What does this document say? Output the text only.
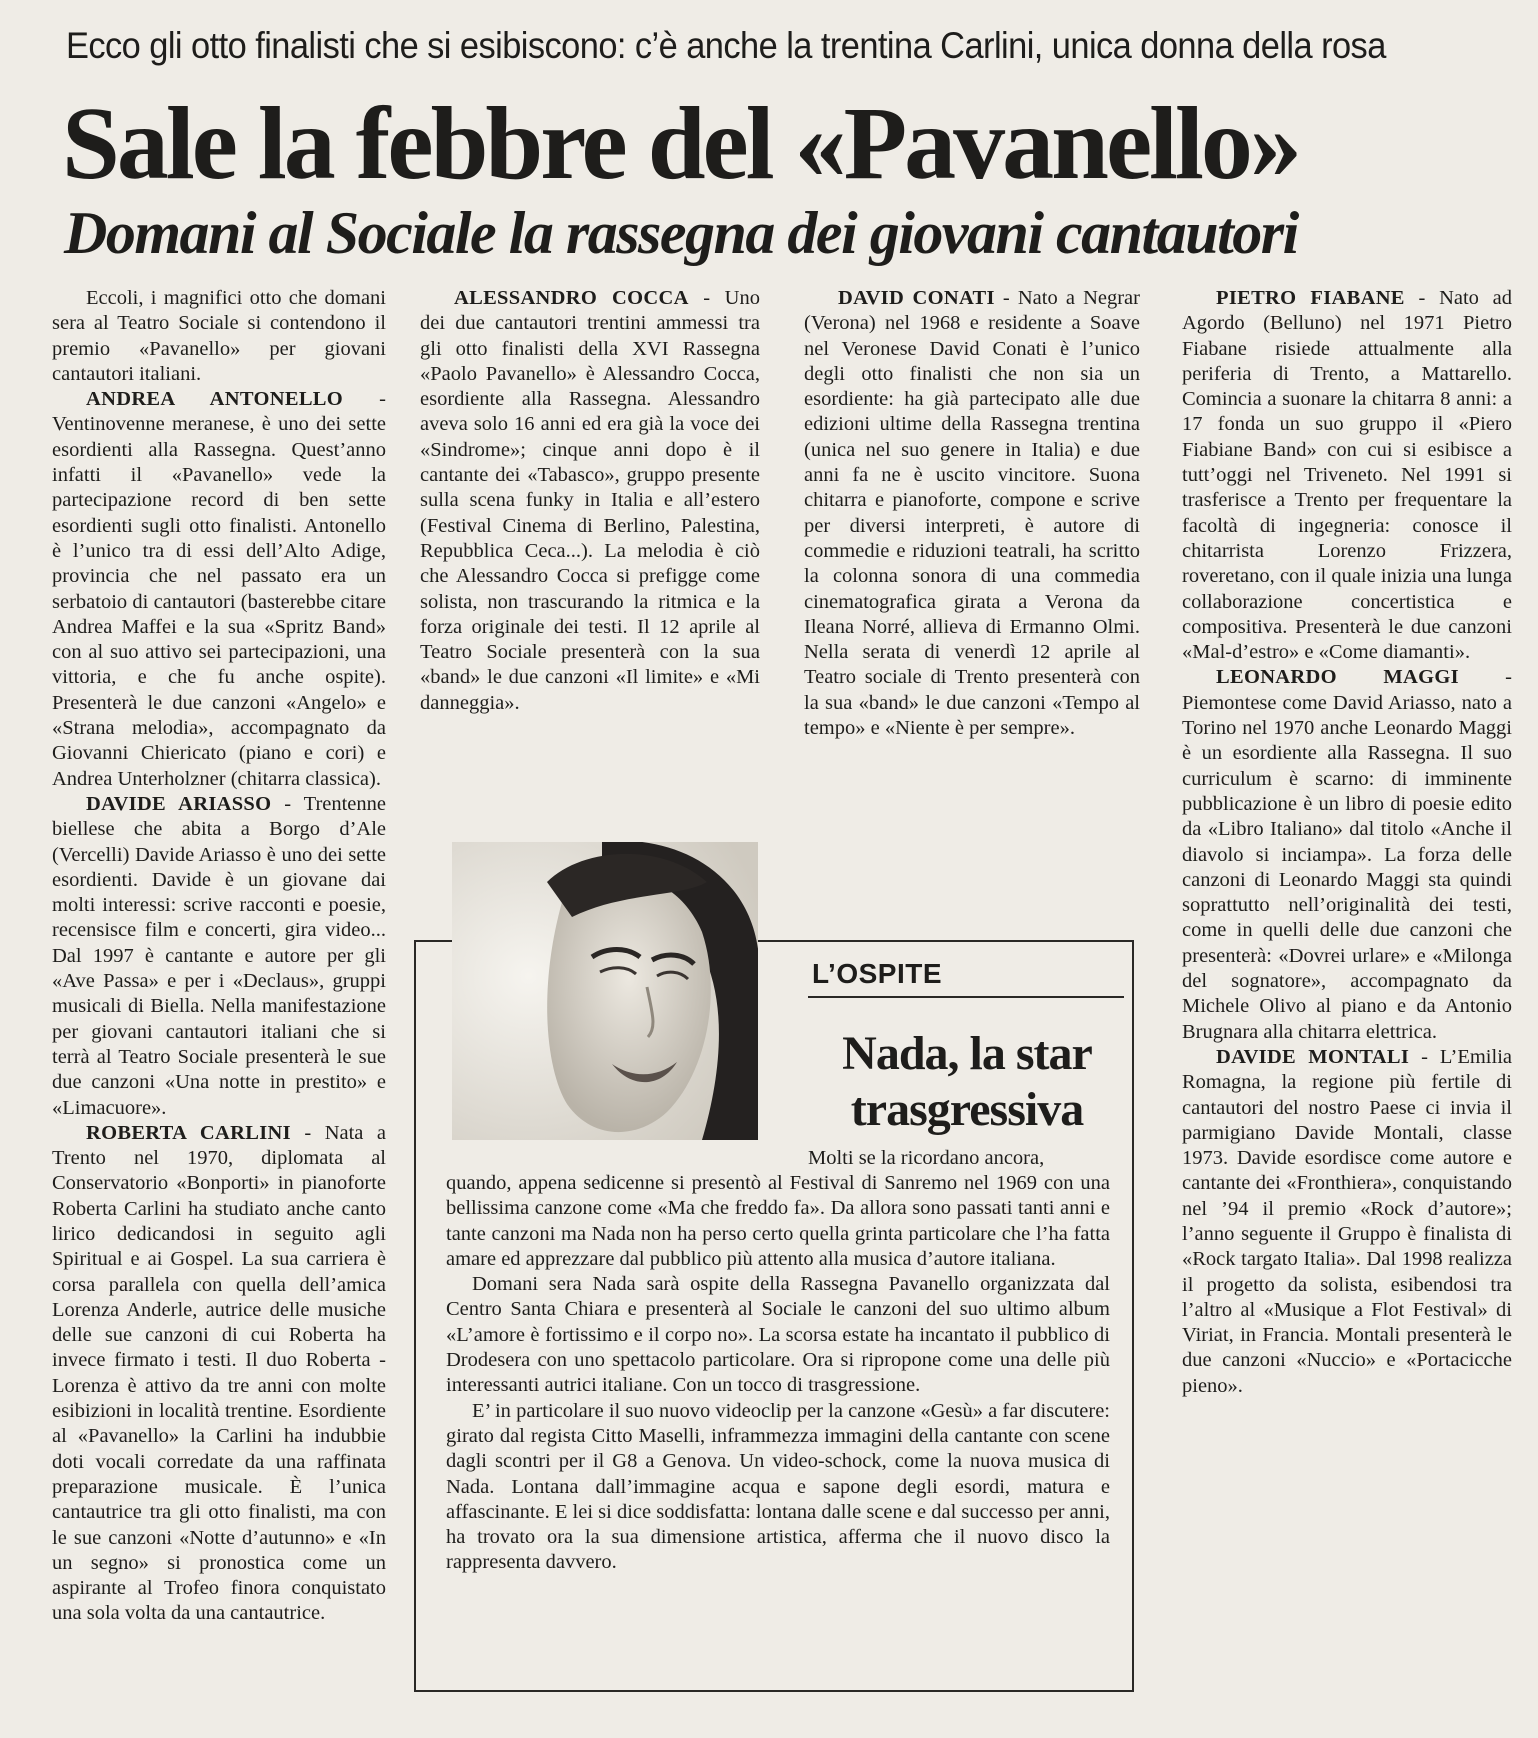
Ecco gli otto finalisti che si esibiscono: c’è anche la trentina Carlini, unica donna della rosa
Sale la febbre del «Pavanello»
Domani al Sociale la rassegna dei giovani cantautori

Eccoli, i magnifici otto che domani sera al Teatro Sociale si contendono il premio «Pavanello» per giovani cantautori italiani.

ANDREA ANTONELLO - Ventinovenne meranese, è uno dei sette esordienti alla Rassegna. Quest’anno infatti il «Pavanello» vede la partecipazione record di ben sette esordienti sugli otto finalisti. Antonello è l’unico tra di essi dell’Alto Adige, provincia che nel passato era un serbatoio di cantautori (basterebbe citare Andrea Maffei e la sua «Spritz Band» con al suo attivo sei partecipazioni, una vittoria, e che fu anche ospite). Presenterà le due canzoni «Angelo» e «Strana melodia», accompagnato da Giovanni Chiericato (piano e cori) e Andrea Unterholzner (chitarra classica).

DAVIDE ARIASSO - Trentenne biellese che abita a Borgo d’Ale (Vercelli) Davide Ariasso è uno dei sette esordienti. Davide è un giovane dai molti interessi: scrive racconti e poesie, recensisce film e concerti, gira video... Dal 1997 è cantante e autore per gli «Ave Passa» e per i «Declaus», gruppi musicali di Biella. Nella manifestazione per giovani cantautori italiani che si terrà al Teatro Sociale presenterà le sue due canzoni «Una notte in prestito» e «Limacuore».

ROBERTA CARLINI - Nata a Trento nel 1970, diplomata al Conservatorio «Bonporti» in pianoforte Roberta Carlini ha studiato anche canto lirico dedicandosi in seguito agli Spiritual e ai Gospel. La sua carriera è corsa parallela con quella dell’amica Lorenza Anderle, autrice delle musiche delle sue canzoni di cui Roberta ha invece firmato i testi. Il duo Roberta - Lorenza è attivo da tre anni con molte esibizioni in località trentine. Esordiente al «Pavanello» la Carlini ha indubbie doti vocali corredate da una raffinata preparazione musicale. È l’unica cantautrice tra gli otto finalisti, ma con le sue canzoni «Notte d’autunno» e «In un segno» si pronostica come un aspirante al Trofeo finora conquistato una sola volta da una cantautrice.

ALESSANDRO COCCA - Uno dei due cantautori trentini ammessi tra gli otto finalisti della XVI Rassegna «Paolo Pavanello» è Alessandro Cocca, esordiente alla Rassegna. Alessandro aveva solo 16 anni ed era già la voce dei «Sindrome»; cinque anni dopo è il cantante dei «Tabasco», gruppo presente sulla scena funky in Italia e all’estero (Festival Cinema di Berlino, Palestina, Repubblica Ceca...). La melodia è ciò che Alessandro Cocca si prefigge come solista, non trascurando la ritmica e la forza originale dei testi. Il 12 aprile al Teatro Sociale presenterà con la sua «band» le due canzoni «Il limite» e «Mi danneggia».

DAVID CONATI - Nato a Negrar (Verona) nel 1968 e residente a Soave nel Veronese David Conati è l’unico degli otto finalisti che non sia un esordiente: ha già partecipato alle due edizioni ultime della Rassegna trentina (unica nel suo genere in Italia) e due anni fa ne è uscito vincitore. Suona chitarra e pianoforte, compone e scrive per diversi interpreti, è autore di commedie e riduzioni teatrali, ha scritto la colonna sonora di una commedia cinematografica girata a Verona da Ileana Norré, allieva di Ermanno Olmi. Nella serata di venerdì 12 aprile al Teatro sociale di Trento presenterà con la sua «band» le due canzoni «Tempo al tempo» e «Niente è per sempre».

PIETRO FIABANE - Nato ad Agordo (Belluno) nel 1971 Pietro Fiabane risiede attualmente alla periferia di Trento, a Mattarello. Comincia a suonare la chitarra 8 anni: a 17 fonda un suo gruppo il «Piero Fiabiane Band» con cui si esibisce a tutt’oggi nel Triveneto. Nel 1991 si trasferisce a Trento per frequentare la facoltà di ingegneria: conosce il chitarrista Lorenzo Frizzera, roveretano, con il quale inizia una lunga collaborazione concertistica e compositiva. Presenterà le due canzoni «Mal-d’estro» e «Come diamanti».

LEONARDO MAGGI - Piemontese come David Ariasso, nato a Torino nel 1970 anche Leonardo Maggi è un esordiente alla Rassegna. Il suo curriculum è scarno: di imminente pubblicazione è un libro di poesie edito da «Libro Italiano» dal titolo «Anche il diavolo si inciampa». La forza delle canzoni di Leonardo Maggi sta quindi soprattutto nell’originalità dei testi, come in quelli delle due canzoni che presenterà: «Dovrei urlare» e «Milonga del sognatore», accompagnato da Michele Olivo al piano e da Antonio Brugnara alla chitarra elettrica.

DAVIDE MONTALI - L’Emilia Romagna, la regione più fertile di cantautori del nostro Paese ci invia il parmigiano Davide Montali, classe 1973. Davide esordisce come autore e cantante dei «Fronthiera», conquistando nel ’94 il premio «Rock d’autore»; l’anno seguente il Gruppo è finalista di «Rock targato Italia». Dal 1998 realizza il progetto da solista, esibendosi tra l’altro al «Musique a Flot Festival» di Viriat, in Francia. Montali presenterà le due canzoni «Nuccio» e «Portacicche pieno».

L’OSPITE
Nada, la star trasgressiva
Molti se la ricordano ancora,

quando, appena sedicenne si presentò al Festival di Sanremo nel 1969 con una bellissima canzone come «Ma che freddo fa». Da allora sono passati tanti anni e tante canzoni ma Nada non ha perso certo quella grinta particolare che l’ha fatta amare ed apprezzare dal pubblico più attento alla musica d’autore italiana.

Domani sera Nada sarà ospite della Rassegna Pavanello organizzata dal Centro Santa Chiara e presenterà al Sociale le canzoni del suo ultimo album «L’amore è fortissimo e il corpo no». La scorsa estate ha incantato il pubblico di Drodesera con uno spettacolo particolare. Ora si ripropone come una delle più interessanti autrici italiane. Con un tocco di trasgressione.

E’ in particolare il suo nuovo videoclip per la canzone «Gesù» a far discutere: girato dal regista Citto Maselli, inframmezza immagini della cantante con scene dagli scontri per il G8 a Genova. Un video-schock, come la nuova musica di Nada. Lontana dall’immagine acqua e sapone degli esordi, matura e affascinante. E lei si dice soddisfatta: lontana dalle scene e dal successo per anni, ha trovato ora la sua dimensione artistica, afferma che il nuovo disco la rappresenta davvero.
